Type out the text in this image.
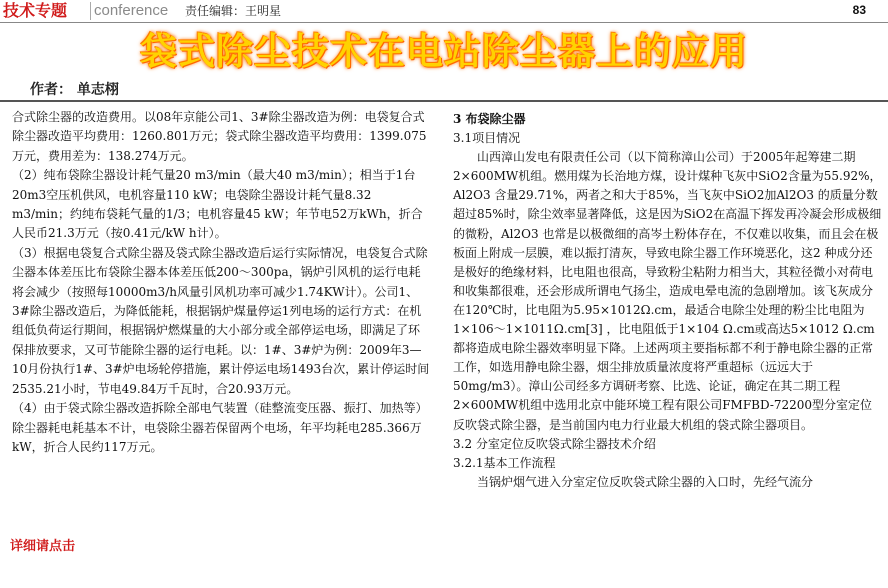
技术专题	conference	责任编辑：王明星	83
袋式除尘技术在电站除尘器上的应用
作者： 单志栩

合式除尘器的改造费用。以08年京能公司1、3#除尘器改造为例：电袋复合式除尘器改造平均费用：1260.801万元；袋式除尘器改造平均费用：1399.075万元，费用差为：138.274万元。

（2）纯布袋除尘器设计耗气量20 m3/min（最大40 m3/min）；相当于1台20m3空压机供风，电机容量110 kW；电袋除尘器设计耗气量8.32 m3/min；约纯布袋耗气量的1/3；电机容量45 kW；年节电52万kWh，折合人民币21.3万元（按0.41元/kW h计）。

（3）根据电袋复合式除尘器及袋式除尘器改造后运行实际情况，电袋复合式除尘器本体差压比布袋除尘器本体差压低200～300pa，锅炉引风机的运行电耗将会减少（按照每10000m3/h风量引风机功率可减少1.74KW计）。公司1、3#除尘器改造后，为降低能耗，根据锅炉煤量停运1列电场的运行方式：在机组低负荷运行期间，根据锅炉燃煤量的大小部分或全部停运电场，即满足了环保排放要求，又可节能除尘器的运行电耗。以：1#、3#炉为例：2009年3—10月份执行1#、3#炉电场轮停措施，累计停运电场1493台次，累计停运时间2535.21小时，节电49.84万千瓦时，合20.93万元。

（4）由于袋式除尘器改造拆除全部电气装置（硅整流变压器、振打、加热等）除尘器耗电耗基本不计，电袋除尘器若保留两个电场，年平均耗电285.366万kW，折合人民约117万元。

详细请点击

3 布袋除尘器

3.1项目情况

山西漳山发电有限责任公司（以下简称漳山公司）于2005年起筹建二期2×600MW机组。燃用煤为长治地方煤，设计煤种飞灰中SiO2含量为55.92%，Al2O3 含量29.71%，两者之和大于85%，当飞灰中SiO2加Al2O3 的质量分数超过85%时，除尘效率显著降低，这是因为SiO2在高温下挥发再冷凝会形成极细的微粉，Al2O3 也常是以极微细的高岑土粉体存在，不仅难以收集，而且会在极板面上附成一层膜，难以振打清灰，导致电除尘器工作环境恶化，这2 种成分还是极好的绝缘材料，比电阻也很高，导致粉尘粘附力相当大，其粒径微小对荷电和收集都很难，还会形成所谓电气扬尘，造成电晕电流的急剧增加。该飞灰成分在120℃时，比电阻为5.95×1012Ω.cm，最适合电除尘处理的粉尘比电阻为1×106～1×1011Ω.cm[3] ，比电阻低于1×104 Ω.cm或高达5×1012 Ω.cm 都将造成电除尘器效率明显下降。上述两项主要指标都不利于静电除尘器的正常工作，如选用静电除尘器，烟尘排放质量浓度将严重超标（远远大于50mg/m3）。漳山公司经多方调研考察、比选、论证，确定在其二期工程2×600MW机组中选用北京中能环境工程有限公司FMFBD-72200型分室定位反吹袋式除尘器，是当前国内电力行业最大机组的袋式除尘器项目。

3.2 分室定位反吹袋式除尘器技术介绍

3.2.1基本工作流程

当锅炉烟气进入分室定位反吹袋式除尘器的入口时，先经气流分
